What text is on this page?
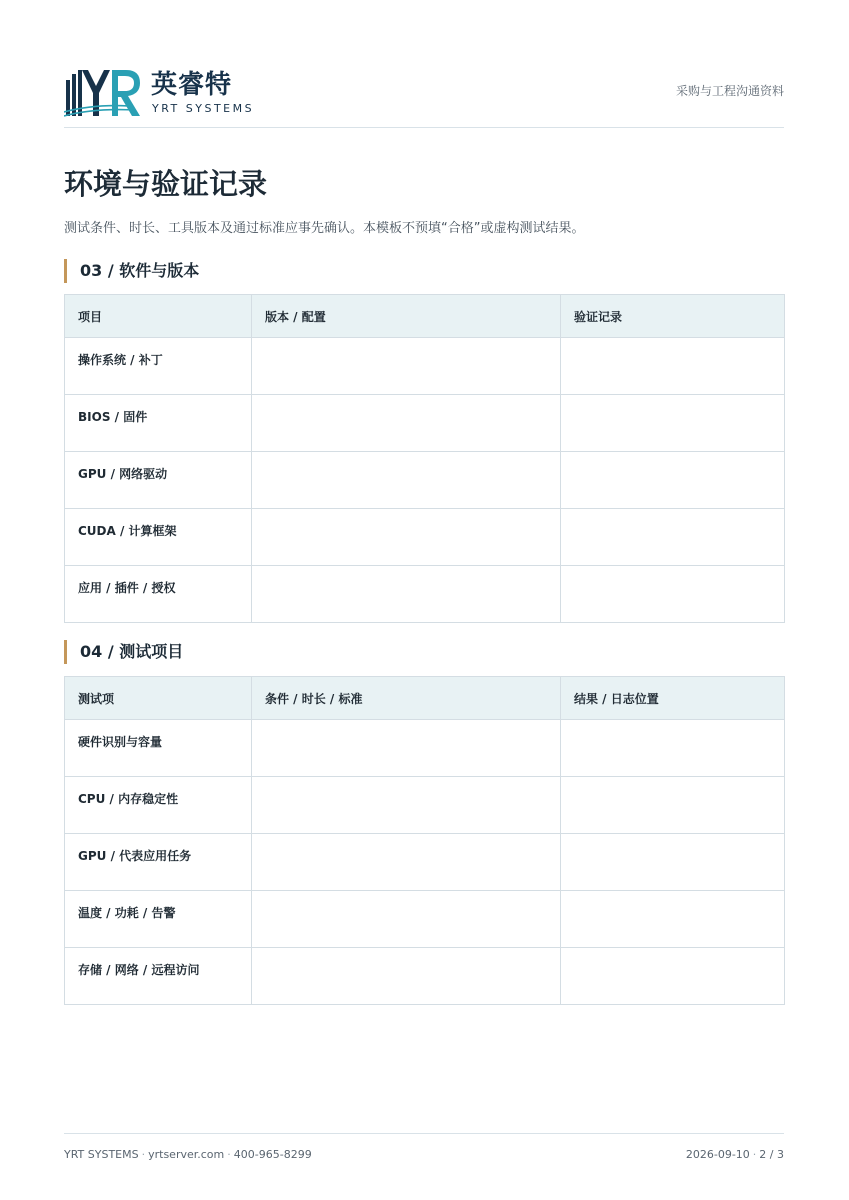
英睿特
YRT SYSTEMS
采购与工程沟通资料
环境与验证记录
测试条件、时长、工具版本及通过标准应事先确认。本模板不预填“合格”或虚构测试结果。
03 / 软件与版本
项目	版本 / 配置	验证记录
操作系统 / 补丁		
BIOS / 固件		
GPU / 网络驱动		
CUDA / 计算框架		
应用 / 插件 / 授权		
04 / 测试项目
测试项	条件 / 时长 / 标准	结果 / 日志位置
硬件识别与容量		
CPU / 内存稳定性		
GPU / 代表应用任务		
温度 / 功耗 / 告警		
存储 / 网络 / 远程访问		
YRT SYSTEMS · yrtserver.com · 400-965-8299	2026-09-10 · 2 / 3
